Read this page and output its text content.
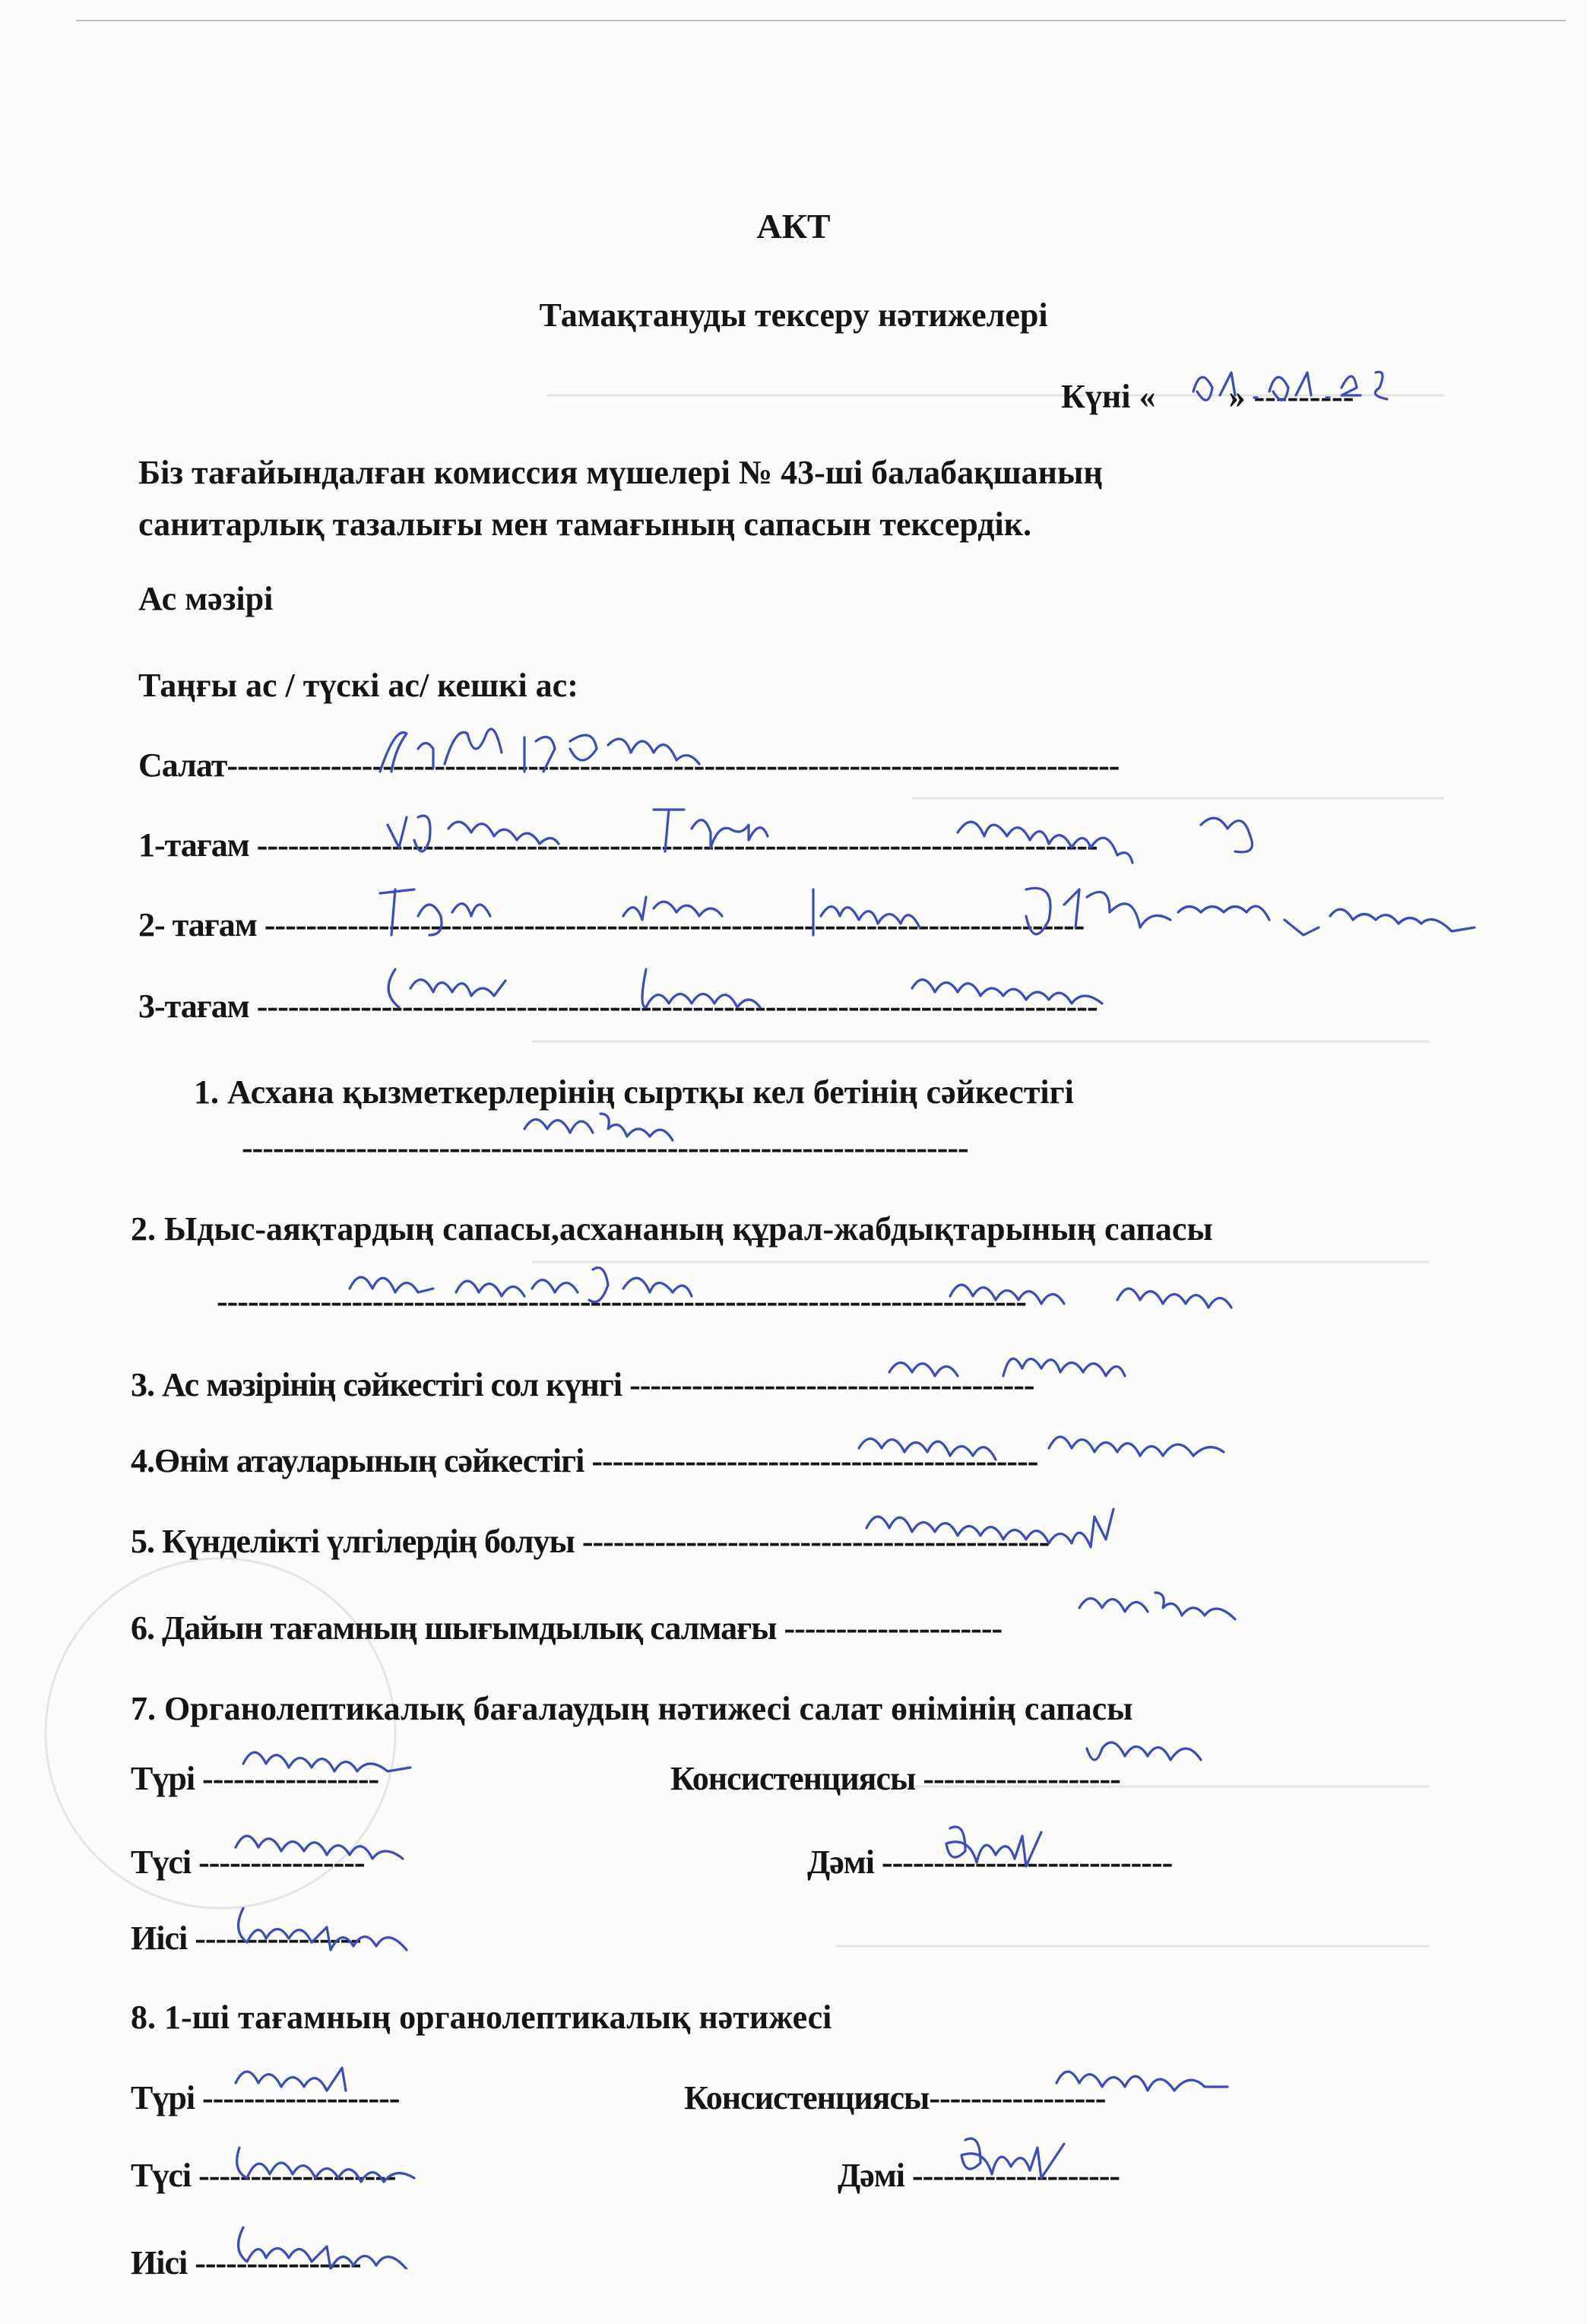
АКТ
Тамақтануды тексеру нәтижелері
Күні « » ---------
Біз тағайындалған комиссия мүшелері № 43-ші балабақшаның
санитарлық тазалығы мен тамағының сапасын тексердік.
Ас мәзірі
Таңғы ас / түскі ас/ кешкі ас:
Салат--------------------------------------------------------------------------------------
1-тағам ---------------------------------------------------------------------------------
2- тағам -------------------------------------------------------------------------------
3-тағам ---------------------------------------------------------------------------------
1. Асхана қызметкерлерінің сыртқы кел бетінің сәйкестігі
----------------------------------------------------------------------
2. Ыдыс-аяқтардың сапасы,асхананың құрал-жабдықтарының сапасы
------------------------------------------------------------------------------
3. Ас мәзірінің сәйкестігі сол күнгі ---------------------------------------
4.Өнім атауларының сәйкестігі -------------------------------------------
5. Күнделікті үлгілердің болуы ---------------------------------------------
6. Дайын тағамның шығымдылық салмағы ---------------------
7. Органолептикалық бағалаудың нәтижесі салат өнімінің сапасы
Түрі -----------------	Консистенциясы -------------------
Түсі ----------------	Дәмі ----------------------------
Иісі ----------------
8. 1-ші тағамның органолептикалық нәтижесі
Түрі -------------------	Консистенциясы-----------------
Түсі -------------------	Дәмі --------------------
Иісі ----------------
